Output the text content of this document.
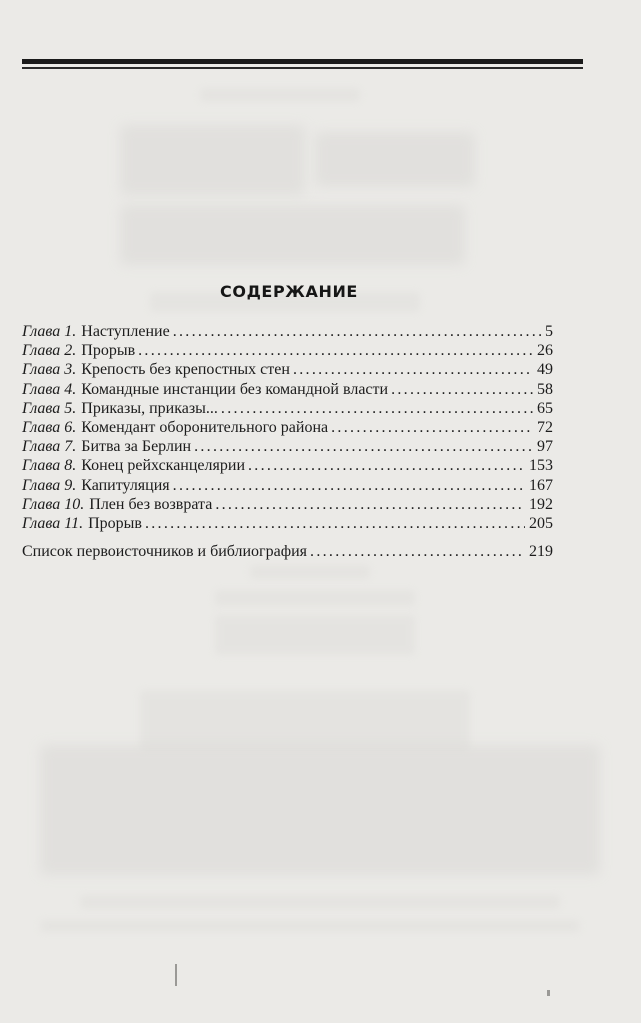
СОДЕРЖАНИЕ
Глава 1. Наступление .....	5
Глава 2. Прорыв .....	26
Глава 3. Крепость без крепостных стен .....	49
Глава 4. Командные инстанции без командной власти .....	58
Глава 5. Приказы, приказы... .....	65
Глава 6. Комендант оборонительного района .....	72
Глава 7. Битва за Берлин .....	97
Глава 8. Конец рейхсканцелярии .....	153
Глава 9. Капитуляция .....	167
Глава 10. Плен без возврата .....	192
Глава 11. Прорыв .....	205
Список первоисточников и библиография .....	219
